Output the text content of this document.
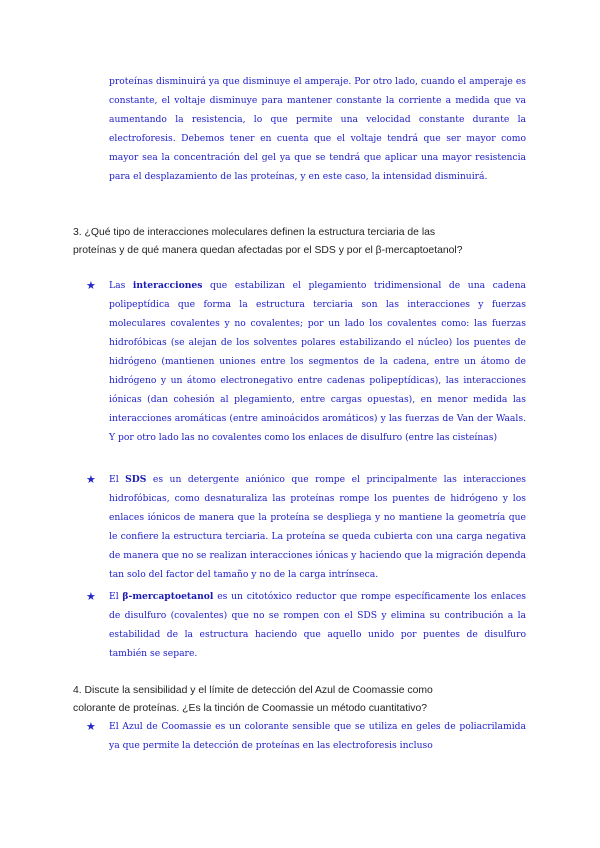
proteínas disminuirá ya que disminuye el amperaje. Por otro lado, cuando el amperaje es constante, el voltaje disminuye para mantener constante la corriente a medida que va aumentando la resistencia, lo que permite una velocidad constante durante la electroforesis. Debemos tener en cuenta que el voltaje tendrá que ser mayor como mayor sea la concentración del gel ya que se tendrá que aplicar una mayor resistencia para el desplazamiento de las proteínas, y en este caso, la intensidad disminuirá.

3. ¿Qué tipo de interacciones moleculares definen la estructura terciaria de las proteínas y de qué manera quedan afectadas por el SDS y por el β-mercaptoetanol?

★ Las interacciones que estabilizan el plegamiento tridimensional de una cadena polipeptídica que forma la estructura terciaria son las interacciones y fuerzas moleculares covalentes y no covalentes; por un lado los covalentes como: las fuerzas hidrofóbicas (se alejan de los solventes polares estabilizando el núcleo) los puentes de hidrógeno (mantienen uniones entre los segmentos de la cadena, entre un átomo de hidrógeno y un átomo electronegativo entre cadenas polipeptídicas), las interacciones iónicas (dan cohesión al plegamiento, entre cargas opuestas), en menor medida las interacciones aromáticas (entre aminoácidos aromáticos) y las fuerzas de Van der Waals. Y por otro lado las no covalentes como los enlaces de disulfuro (entre las cisteínas)

★ El SDS es un detergente aniónico que rompe el principalmente las interacciones hidrofóbicas, como desnaturaliza las proteínas rompe los puentes de hidrógeno y los enlaces iónicos de manera que la proteína se despliega y no mantiene la geometría que le confiere la estructura terciaria. La proteína se queda cubierta con una carga negativa de manera que no se realizan interacciones iónicas y haciendo que la migración dependa tan solo del factor del tamaño y no de la carga intrínseca.

★ El β-mercaptoetanol es un citotóxico reductor que rompe específicamente los enlaces de disulfuro (covalentes) que no se rompen con el SDS y elimina su contribución a la estabilidad de la estructura haciendo que aquello unido por puentes de disulfuro también se separe.

4. Discute la sensibilidad y el límite de detección del Azul de Coomassie como colorante de proteínas. ¿Es la tinción de Coomassie un método cuantitativo?

★ El Azul de Coomassie es un colorante sensible que se utiliza en geles de poliacrilamida ya que permite la detección de proteínas en las electroforesis incluso
